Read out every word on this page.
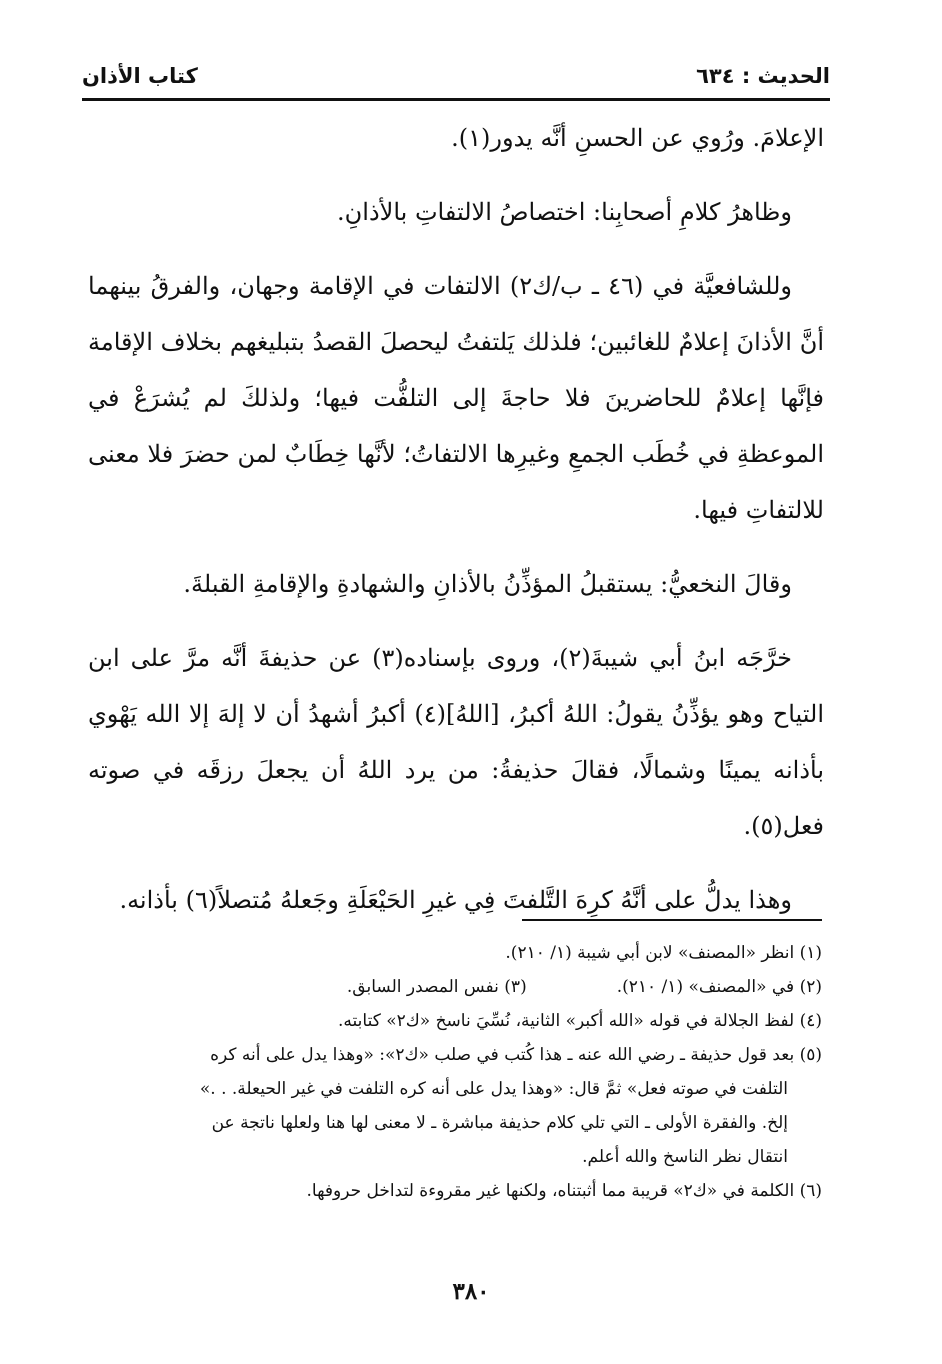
الحديث : ٦٣٤
كتاب الأذان

الإعلامَ. ورُوي عن الحسنِ أنَّه يدور(١).

وظاهرُ كلامِ أصحابِنا: اختصاصُ الالتفاتِ بالأذانِ.

وللشافعيَّة في (٤٦ ـ ب/ك٢) الالتفات في الإقامة وجهان، والفرقُ بينهما أنَّ الأذانَ إعلامٌ للغائبين؛ فلذلك يَلتفتُ ليحصلَ القصدُ بتبليغهم بخلاف الإقامة فإنَّها إعلامٌ للحاضرينَ فلا حاجةَ إلى التلفُّت فيها؛ ولذلكَ لم يُشرَعْ في الموعظةِ في خُطَب الجمعِ وغيرِها الالتفاتُ؛ لأنَّها خِطَابٌ لمن حضرَ فلا معنى للالتفاتِ فيها.

وقالَ النخعيُّ: يستقبلُ المؤذِّنُ بالأذانِ والشهادةِ والإقامةِ القبلةَ.

خرَّجَه ابنُ أبي شيبةَ(٢)، وروى بإسناده(٣) عن حذيفةَ أنَّه مرَّ على ابن التياح وهو يؤذِّنُ يقولُ: اللهُ أكبرُ، [اللهُ](٤) أكبرُ أشهدُ أن لا إلهَ إلا الله يَهْوي بأذانه يمينًا وشمالًا، فقالَ حذيفةُ: من يرد اللهُ أن يجعلَ رزقَه في صوته فعل(٥).

وهذا يدلُّ على أنَّهُ كرِهَ التَّلفتَ فِي غيرِ الحَيْعَلَةِ وجَعلهُ مُتصلاً(٦) بأذانه.

(١) انظر «المصنف» لابن أبي شيبة (١/ ٢١٠).

(٢) في «المصنف» (١/ ٢١٠).
(٣) نفس المصدر السابق.

(٤) لفظ الجلالة في قوله «الله أكبر» الثانية، نُسِّيَ ناسخ «ك٢» كتابته.

(٥) بعد قول حذيفة ـ رضي الله عنه ـ هذا كُتب في صلب «ك٢»: «وهذا يدل على أنه كره

التلفت في صوته فعل» ثمَّ قال: «وهذا يدل على أنه كره التلفت في غير الحيعلة. . .»

إلخ. والفقرة الأولى ـ التي تلي كلام حذيفة مباشرة ـ لا معنى لها هنا ولعلها ناتجة عن

انتقال نظر الناسخ والله أعلم.

(٦) الكلمة في «ك٢» قريبة مما أثبتناه، ولكنها غير مقروءة لتداخل حروفها.

٣٨٠
